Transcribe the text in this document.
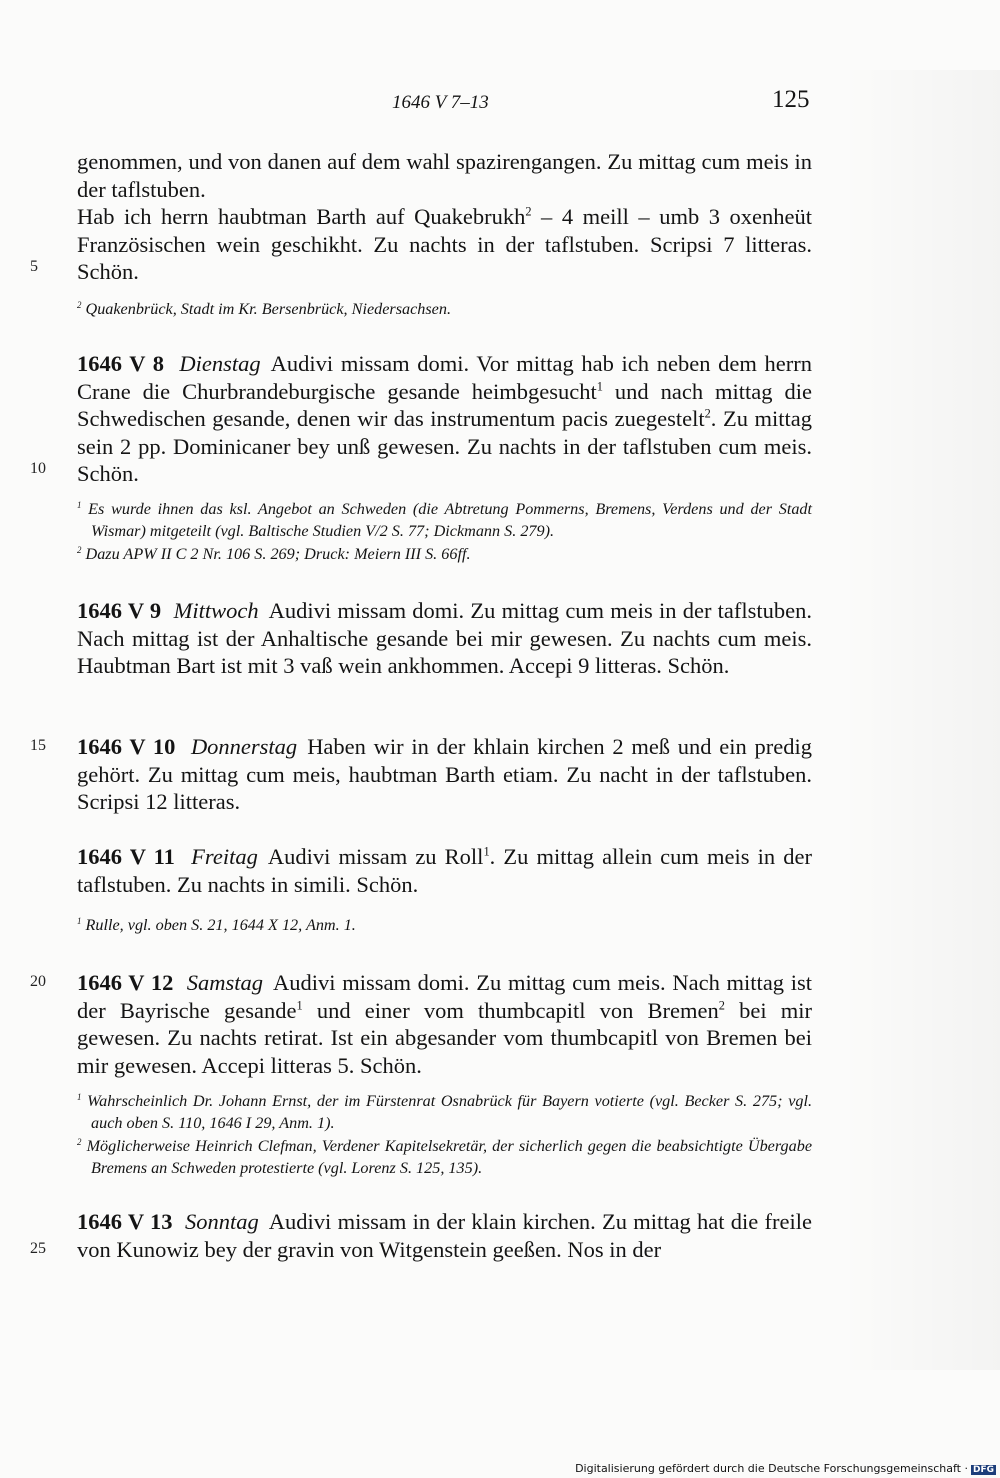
1646 V 7–13	125
5
10
15
20
25

genommen, und von danen auf dem wahl spazirengangen. Zu mittag cum meis in der taflstuben.

Hab ich herrn haubtman Barth auf Quakebrukh$^2$ – 4 meill – umb 3 oxenheüt Französischen wein geschikht. Zu nachts in der taflstuben. Scripsi 7 litteras. Schön.

$^2$ Quakenbrück, Stadt im Kr. Bersenbrück, Niedersachsen.

1646 V 8 Dienstag Audivi missam domi. Vor mittag hab ich neben dem herrn Crane die Churbrandeburgische gesande heimbgesucht$^1$ und nach mittag die Schwedischen gesande, denen wir das instrumentum pacis zuegestelt$^2$. Zu mittag sein 2 pp. Dominicaner bey unß gewesen. Zu nachts in der taflstuben cum meis. Schön.

$^1$ Es wurde ihnen das ksl. Angebot an Schweden (die Abtretung Pommerns, Bremens, Verdens und der Stadt Wismar) mitgeteilt (vgl. Baltische Studien V/2 S. 77; Dickmann S. 279).

$^2$ Dazu APW II C 2 Nr. 106 S. 269; Druck: Meiern III S. 66ff.

1646 V 9 Mittwoch Audivi missam domi. Zu mittag cum meis in der taflstuben. Nach mittag ist der Anhaltische gesande bei mir gewesen. Zu nachts cum meis. Haubtman Bart ist mit 3 vaß wein ankhommen. Accepi 9 litteras. Schön.

1646 V 10 Donnerstag Haben wir in der khlain kirchen 2 meß und ein predig gehört. Zu mittag cum meis, haubtman Barth etiam. Zu nacht in der taflstuben. Scripsi 12 litteras.

1646 V 11 Freitag Audivi missam zu Roll$^1$. Zu mittag allein cum meis in der taflstuben. Zu nachts in simili. Schön.

$^1$ Rulle, vgl. oben S. 21, 1644 X 12, Anm. 1.

1646 V 12 Samstag Audivi missam domi. Zu mittag cum meis. Nach mittag ist der Bayrische gesande$^1$ und einer vom thumbcapitl von Bremen$^2$ bei mir gewesen. Zu nachts retirat. Ist ein abgesander vom thumbcapitl von Bremen bei mir gewesen. Accepi litteras 5. Schön.

$^1$ Wahrscheinlich Dr. Johann Ernst, der im Fürstenrat Osnabrück für Bayern votierte (vgl. Becker S. 275; vgl. auch oben S. 110, 1646 I 29, Anm. 1).

$^2$ Möglicherweise Heinrich Clefman, Verdener Kapitelsekretär, der sicherlich gegen die beabsichtigte Übergabe Bremens an Schweden protestierte (vgl. Lorenz S. 125, 135).

1646 V 13 Sonntag Audivi missam in der klain kirchen. Zu mittag hat die freile von Kunowiz bey der gravin von Witgenstein geeßen. Nos in der

Digitalisierung gefördert durch die Deutsche Forschungsgemeinschaft · DFG
